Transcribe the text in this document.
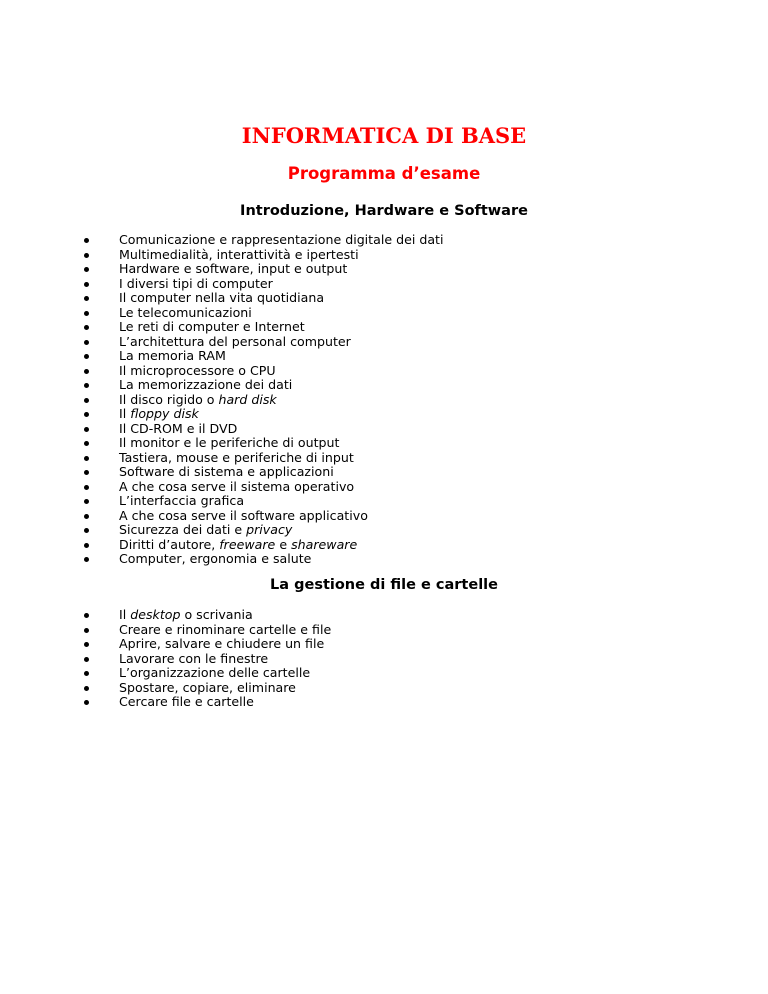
INFORMATICA DI BASE
Programma d’esame
Introduzione, Hardware e Software
Comunicazione e rappresentazione digitale dei dati
Multimedialità, interattività e ipertesti
Hardware e software, input e output
I diversi tipi di computer
Il computer nella vita quotidiana
Le telecomunicazioni
Le reti di computer e Internet
L’architettura del personal computer
La memoria RAM
Il microprocessore o CPU
La memorizzazione dei dati
Il disco rigido o hard disk
Il floppy disk
Il CD-ROM e il DVD
Il monitor e le periferiche di output
Tastiera, mouse e periferiche di input
Software di sistema e applicazioni
A che cosa serve il sistema operativo
L’interfaccia grafica
A che cosa serve il software applicativo
Sicurezza dei dati e privacy
Diritti d’autore, freeware e shareware
Computer, ergonomia e salute
La gestione di file e cartelle
Il desktop o scrivania
Creare e rinominare cartelle e file
Aprire, salvare e chiudere un file
Lavorare con le finestre
L’organizzazione delle cartelle
Spostare, copiare, eliminare
Cercare file e cartelle
